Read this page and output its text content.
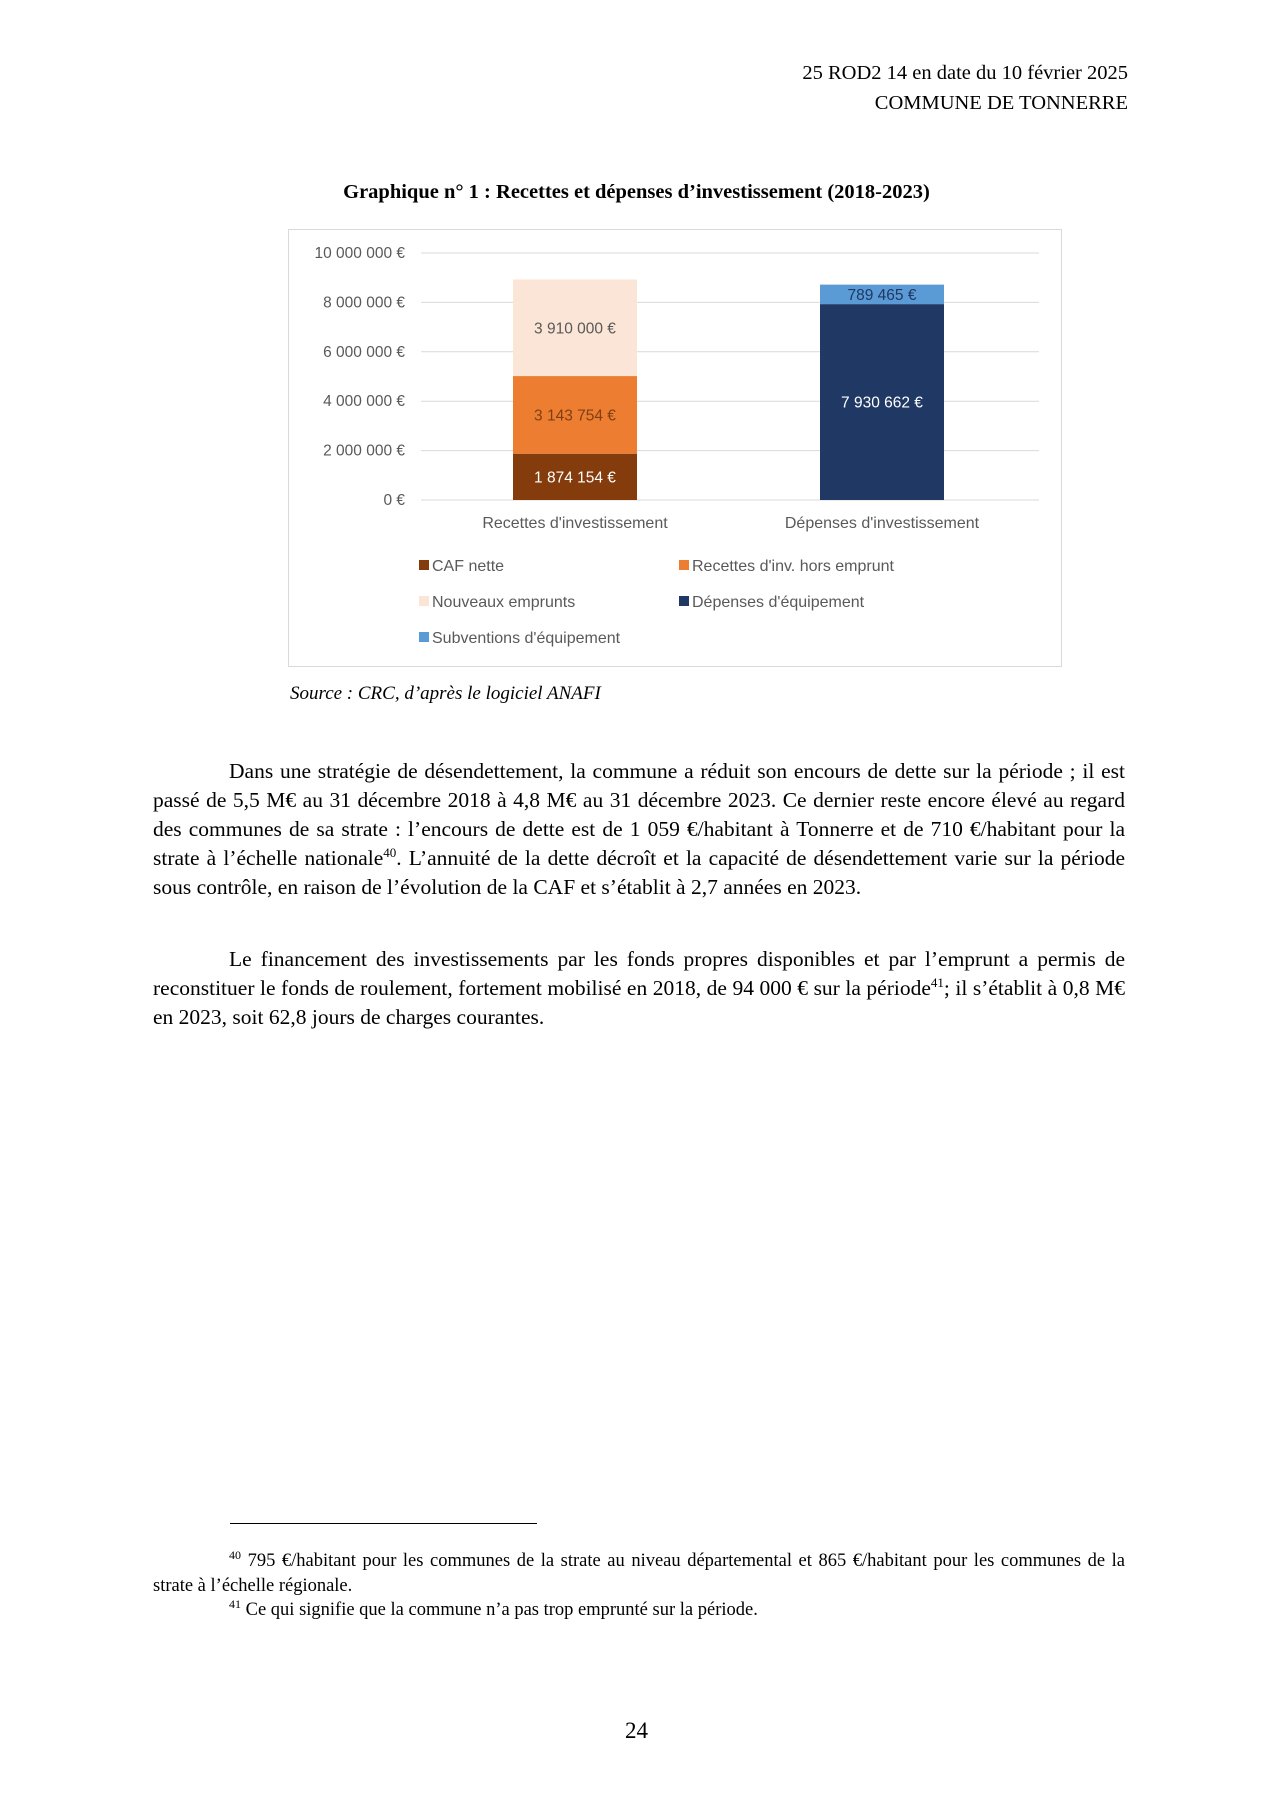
25 ROD2 14 en date du 10 février 2025
COMMUNE DE TONNERRE
Graphique n° 1 : Recettes et dépenses d’investissement (2018-2023)
0 €
2 000 000 €
4 000 000 €
6 000 000 €
8 000 000 €
10 000 000 €
1 874 154 €
3 143 754 €
3 910 000 €
Recettes d'investissement
7 930 662 €
789 465 €
Dépenses d'investissement
CAF nette	Recettes d'inv. hors emprunt
Nouveaux emprunts	Dépenses d'équipement
Subventions d'équipement
Source : CRC, d’après le logiciel ANAFI

Dans une stratégie de désendettement, la commune a réduit son encours de dette sur la période ; il est passé de 5,5 M€ au 31 décembre 2018 à 4,8 M€ au 31 décembre 2023. Ce dernier reste encore élevé au regard des communes de sa strate : l’encours de dette est de 1 059 €/habitant à Tonnerre et de 710 €/habitant pour la strate à l’échelle nationale$^{40}$. L’annuité de la dette décroît et la capacité de désendettement varie sur la période sous contrôle, en raison de l’évolution de la CAF et s’établit à 2,7 années en 2023.

Le financement des investissements par les fonds propres disponibles et par l’emprunt a permis de reconstituer le fonds de roulement, fortement mobilisé en 2018, de 94 000 € sur la période$^{41}$; il s’établit à 0,8 M€ en 2023, soit 62,8 jours de charges courantes.

$^{40}$ 795 €/habitant pour les communes de la strate au niveau départemental et 865 €/habitant pour les communes de la strate à l’échelle régionale.

$^{41}$ Ce qui signifie que la commune n’a pas trop emprunté sur la période.

24
